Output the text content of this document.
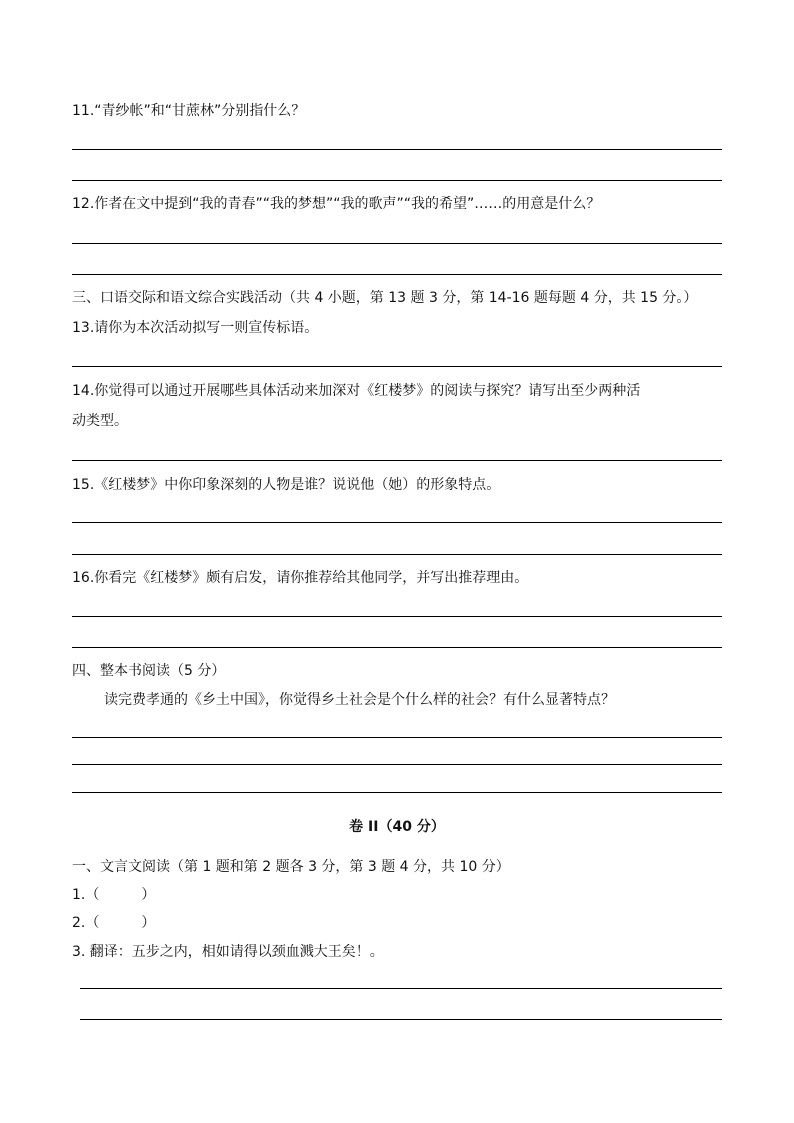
11.“青纱帐”和“甘蔗林”分别指什么？
12.作者在文中提到“我的青春”“我的梦想”“我的歌声”“我的希望”……的用意是什么？
三、口语交际和语文综合实践活动（共 4 小题，第 13 题 3 分，第 14-16 题每题 4 分，共 15 分。）
13.请你为本次活动拟写一则宣传标语。
14.你觉得可以通过开展哪些具体活动来加深对《红楼梦》的阅读与探究？请写出至少两种活
动类型。
15.《红楼梦》中你印象深刻的人物是谁？说说他（她）的形象特点。
16.你看完《红楼梦》颇有启发，请你推荐给其他同学，并写出推荐理由。
四、整本书阅读（5 分）
读完费孝通的《乡土中国》，你觉得乡土社会是个什么样的社会？有什么显著特点？
卷 II（40 分）
一、文言文阅读（第 1 题和第 2 题各 3 分，第 3 题 4 分，共 10 分）
1.（　　　）
2.（　　　）
3. 翻译：五步之内，相如请得以颈血溅大王矣！。
